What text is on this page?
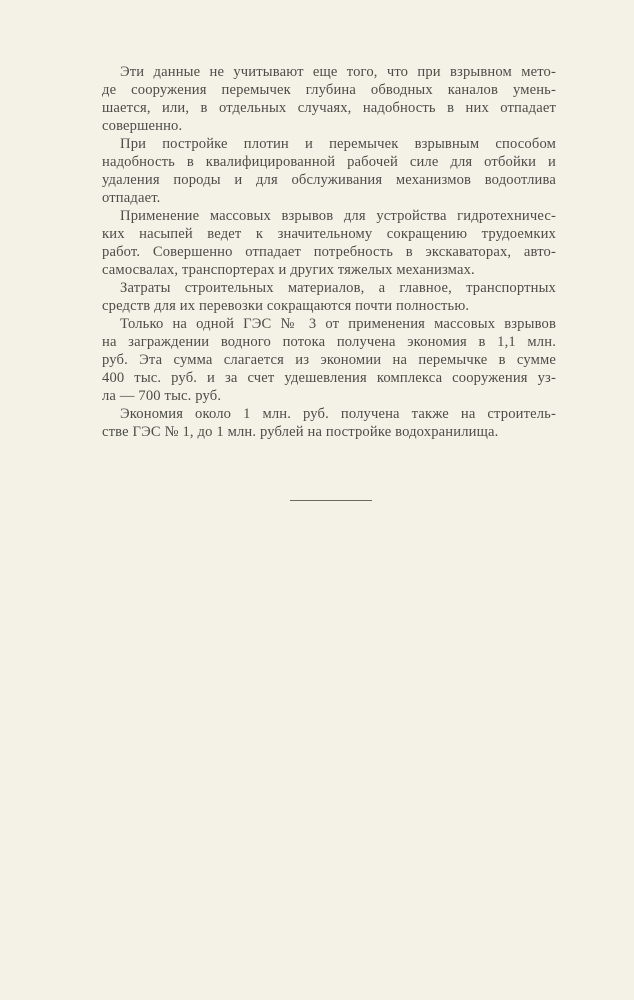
Эти данные не учитывают еще того, что при взрывном мето-
де сооружения перемычек глубина обводных каналов умень-
шается, или, в отдельных случаях, надобность в них отпадает
совершенно.
При постройке плотин и перемычек взрывным способом
надобность в квалифицированной рабочей силе для отбойки и
удаления породы и для обслуживания механизмов водоотлива
отпадает.
Применение массовых взрывов для устройства гидротехничес-
ких насыпей ведет к значительному сокращению трудоемких
работ. Совершенно отпадает потребность в экскаваторах, авто-
самосвалах, транспортерах и других тяжелых механизмах.
Затраты строительных материалов, а главное, транспортных
средств для их перевозки сокращаются почти полностью.
Только на одной ГЭС № 3 от применения массовых взрывов
на заграждении водного потока получена экономия в 1,1 млн.
руб. Эта сумма слагается из экономии на перемычке в сумме
400 тыс. руб. и за счет удешевления комплекса сооружения уз-
ла — 700 тыс. руб.
Экономия около 1 млн. руб. получена также на строитель-
стве ГЭС № 1, до 1 млн. рублей на постройке водохранилища.
